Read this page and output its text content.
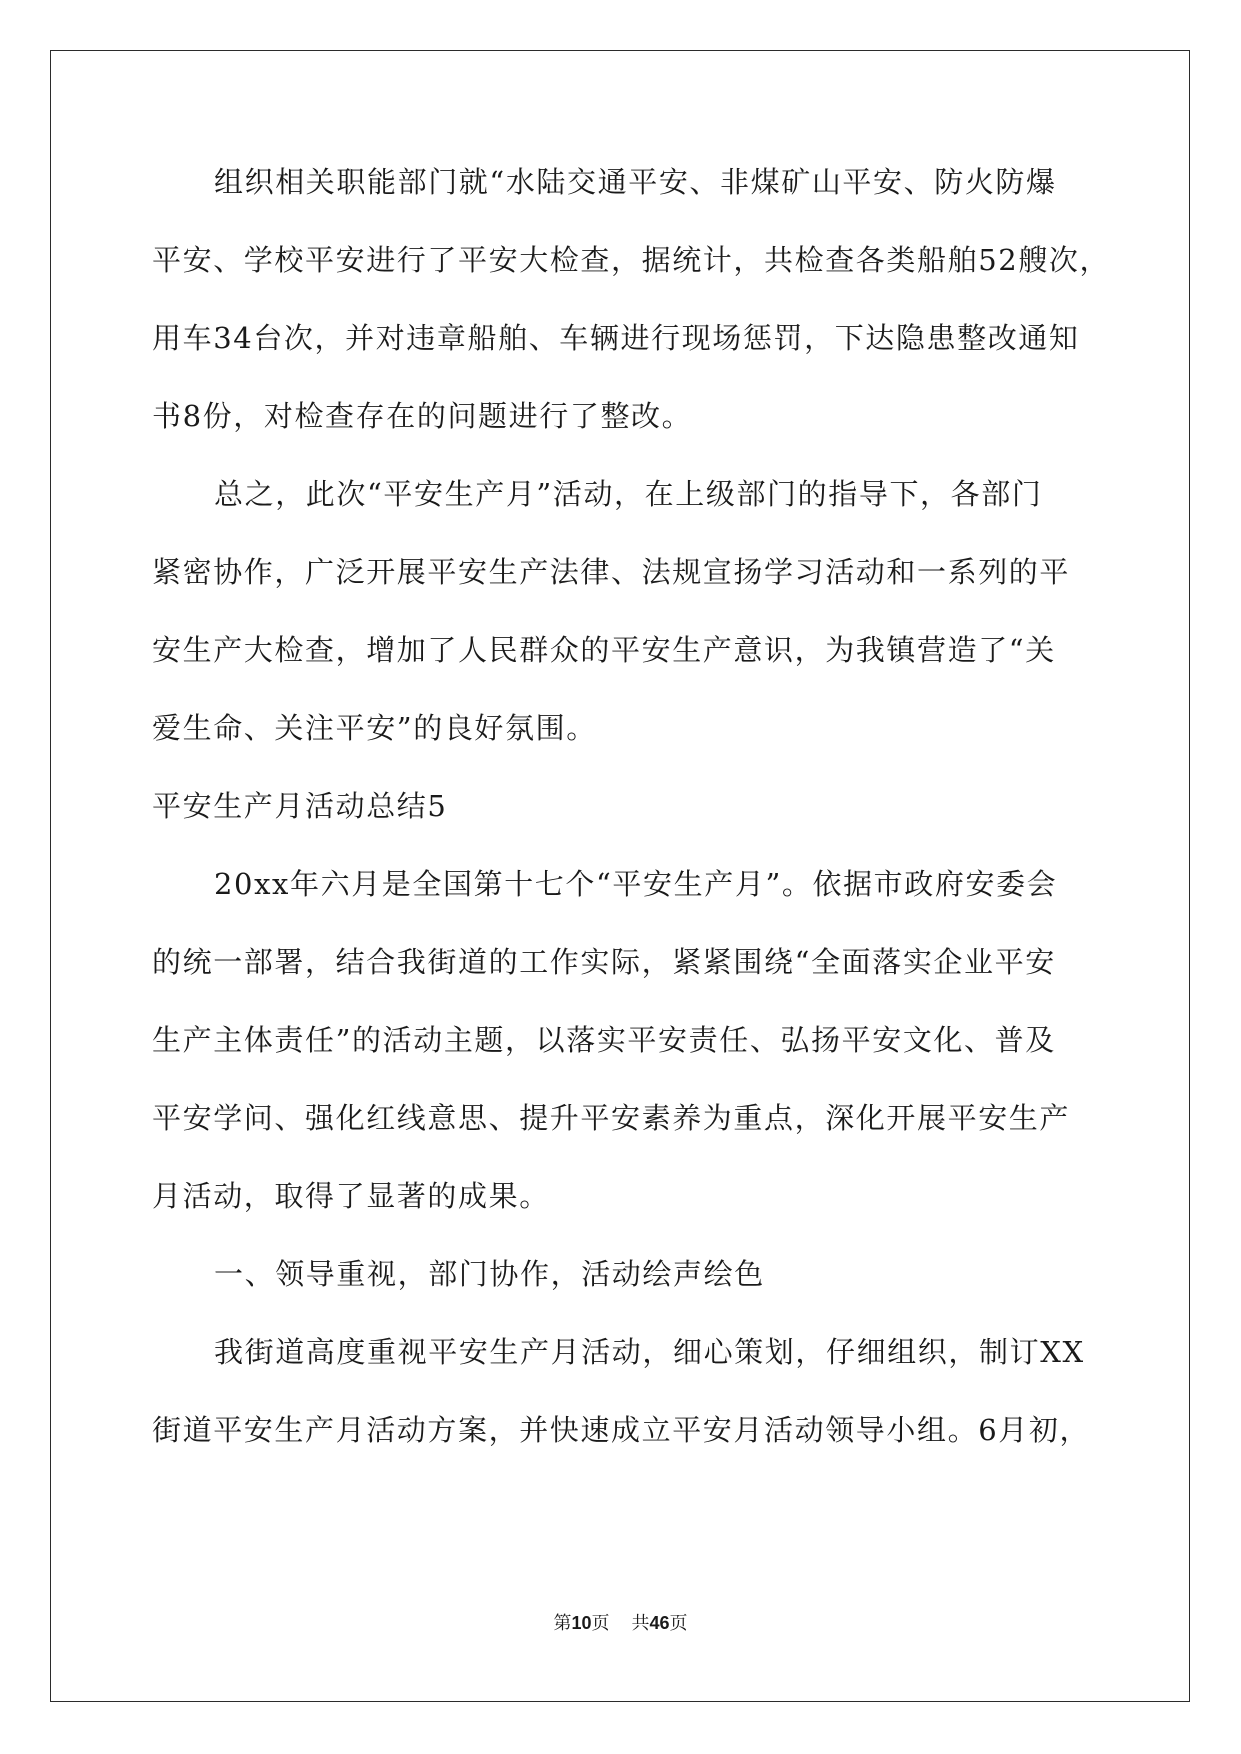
组织相关职能部门就“水陆交通平安、非煤矿山平安、防火防爆
平安、学校平安进行了平安大检查，据统计，共检查各类船舶52艘次，
用车34台次，并对违章船舶、车辆进行现场惩罚，下达隐患整改通知
书8份，对检查存在的问题进行了整改。
总之，此次“平安生产月”活动，在上级部门的指导下，各部门
紧密协作，广泛开展平安生产法律、法规宣扬学习活动和一系列的平
安生产大检查，增加了人民群众的平安生产意识，为我镇营造了“关
爱生命、关注平安”的良好氛围。
平安生产月活动总结5
20xx年六月是全国第十七个“平安生产月”。依据市政府安委会
的统一部署，结合我街道的工作实际，紧紧围绕“全面落实企业平安
生产主体责任”的活动主题，以落实平安责任、弘扬平安文化、普及
平安学问、强化红线意思、提升平安素养为重点，深化开展平安生产
月活动，取得了显著的成果。
一、领导重视，部门协作，活动绘声绘色
我街道高度重视平安生产月活动，细心策划，仔细组织，制订XX
街道平安生产月活动方案，并快速成立平安月活动领导小组。6月初，
第10页 共46页
